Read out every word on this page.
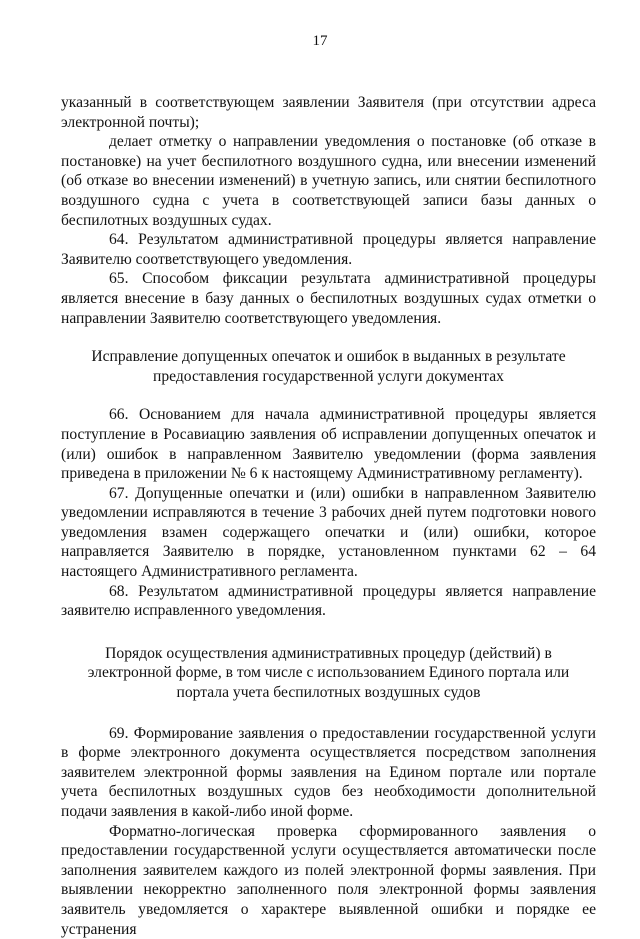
17

указанный в соответствующем заявлении Заявителя (при отсутствии адреса электронной почты);

делает отметку о направлении уведомления о постановке (об отказе в постановке) на учет беспилотного воздушного судна, или внесении изменений (об отказе во внесении изменений) в учетную запись, или снятии беспилотного воздушного судна с учета в соответствующей записи базы данных о беспилотных воздушных судах.

64. Результатом административной процедуры является направление Заявителю соответствующего уведомления.

65. Способом фиксации результата административной процедуры является внесение в базу данных о беспилотных воздушных судах отметки о направлении Заявителю соответствующего уведомления.

Исправление допущенных опечаток и ошибок в выданных в результате предоставления государственной услуги документах

66. Основанием для начала административной процедуры является поступление в Росавиацию заявления об исправлении допущенных опечаток и (или) ошибок в направленном Заявителю уведомлении (форма заявления приведена в приложении № 6 к настоящему Административному регламенту).

67. Допущенные опечатки и (или) ошибки в направленном Заявителю уведомлении исправляются в течение 3 рабочих дней путем подготовки нового уведомления взамен содержащего опечатки и (или) ошибки, которое направляется Заявителю в порядке, установленном пунктами 62 – 64 настоящего Административного регламента.

68. Результатом административной процедуры является направление заявителю исправленного уведомления.

Порядок осуществления административных процедур (действий) в электронной форме, в том числе с использованием Единого портала или портала учета беспилотных воздушных судов

69. Формирование заявления о предоставлении государственной услуги в форме электронного документа осуществляется посредством заполнения заявителем электронной формы заявления на Едином портале или портале учета беспилотных воздушных судов без необходимости дополнительной подачи заявления в какой-либо иной форме.

Форматно-логическая проверка сформированного заявления о предоставлении государственной услуги осуществляется автоматически после заполнения заявителем каждого из полей электронной формы заявления. При выявлении некорректно заполненного поля электронной формы заявления заявитель уведомляется о характере выявленной ошибки и порядке ее устранения
